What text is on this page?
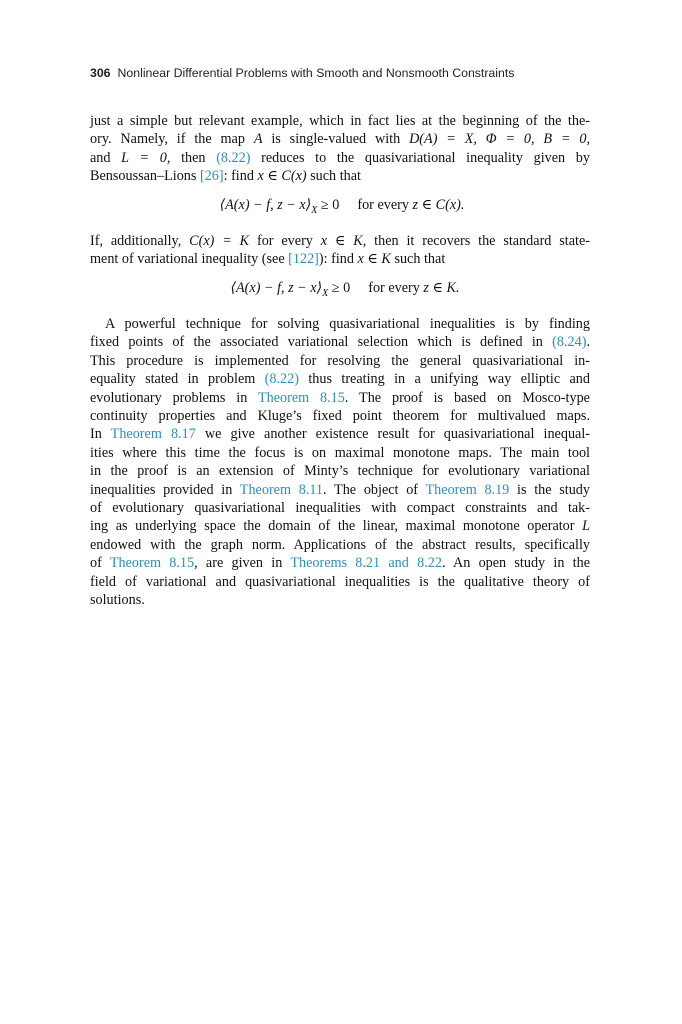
306 Nonlinear Differential Problems with Smooth and Nonsmooth Constraints
just a simple but relevant example, which in fact lies at the beginning of the the-
ory. Namely, if the map A is single-valued with D(A) = X, Φ = 0, B = 0,
and L = 0, then (8.22) reduces to the quasivariational inequality given by
Bensoussan–Lions [26]: find x ∈ C(x) such that
⟨A(x) − f, $z - x⟩_X \ge 0$ for every z ∈ C(x).
If, additionally, C(x) = K for every x ∈ K, then it recovers the standard state-
ment of variational inequality (see [122]): find x ∈ K such that
⟨A(x) − f, $z - x⟩_X \ge 0$ for every z ∈ K.
A powerful technique for solving quasivariational inequalities is by finding
fixed points of the associated variational selection which is defined in (8.24).
This procedure is implemented for resolving the general quasivariational in-
equality stated in problem (8.22) thus treating in a unifying way elliptic and
evolutionary problems in Theorem 8.15. The proof is based on Mosco-type
continuity properties and Kluge’s fixed point theorem for multivalued maps.
In Theorem 8.17 we give another existence result for quasivariational inequal-
ities where this time the focus is on maximal monotone maps. The main tool
in the proof is an extension of Minty’s technique for evolutionary variational
inequalities provided in Theorem 8.11. The object of Theorem 8.19 is the study
of evolutionary quasivariational inequalities with compact constraints and tak-
ing as underlying space the domain of the linear, maximal monotone operator L
endowed with the graph norm. Applications of the abstract results, specifically
of Theorem 8.15, are given in Theorems 8.21 and 8.22. An open study in the
field of variational and quasivariational inequalities is the qualitative theory of
solutions.
